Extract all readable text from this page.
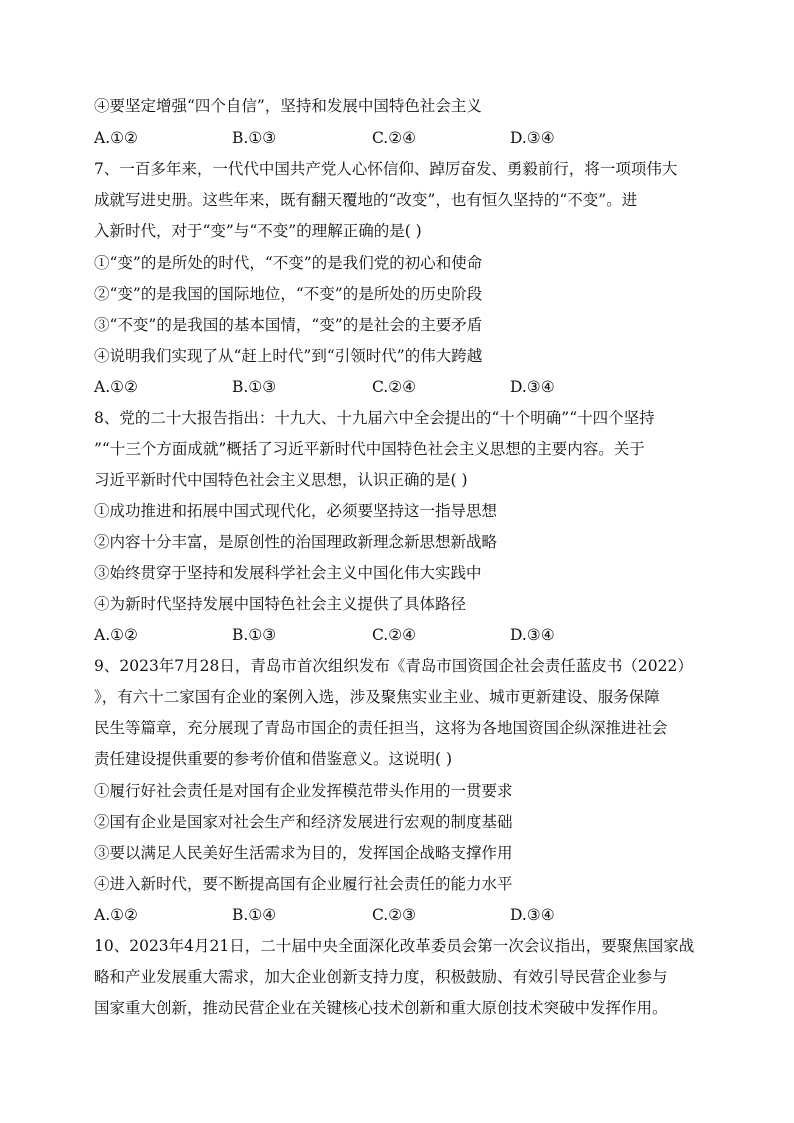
④要坚定增强“四个自信”，坚持和发展中国特色社会主义
A.①②	B.①③	C.②④	D.③④
7、一百多年来，一代代中国共产党人心怀信仰、踔厉奋发、勇毅前行，将一项项伟大
成就写进史册。这些年来，既有翻天覆地的“改变”，也有恒久坚持的“不变”。进
入新时代，对于“变”与“不变”的理解正确的是( )
①“变”的是所处的时代，“不变”的是我们党的初心和使命
②“变”的是我国的国际地位，“不变”的是所处的历史阶段
③“不变”的是我国的基本国情，“变”的是社会的主要矛盾
④说明我们实现了从“赶上时代”到“引领时代”的伟大跨越
A.①②	B.①③	C.②④	D.③④
8、党的二十大报告指出：十九大、十九届六中全会提出的“十个明确”“十四个坚持
”“十三个方面成就”概括了习近平新时代中国特色社会主义思想的主要内容。关于
习近平新时代中国特色社会主义思想，认识正确的是( )
①成功推进和拓展中国式现代化，必须要坚持这一指导思想
②内容十分丰富，是原创性的治国理政新理念新思想新战略
③始终贯穿于坚持和发展科学社会主义中国化伟大实践中
④为新时代坚持发展中国特色社会主义提供了具体路径
A.①②	B.①③	C.②④	D.③④
9、2023年7月28日，青岛市首次组织发布《青岛市国资国企社会责任蓝皮书（2022）
》，有六十二家国有企业的案例入选，涉及聚焦实业主业、城市更新建设、服务保障
民生等篇章，充分展现了青岛市国企的责任担当，这将为各地国资国企纵深推进社会
责任建设提供重要的参考价值和借鉴意义。这说明( )
①履行好社会责任是对国有企业发挥模范带头作用的一贯要求
②国有企业是国家对社会生产和经济发展进行宏观的制度基础
③要以满足人民美好生活需求为目的，发挥国企战略支撑作用
④进入新时代，要不断提高国有企业履行社会责任的能力水平
A.①②	B.①④	C.②③	D.③④
10、2023年4月21日，二十届中央全面深化改革委员会第一次会议指出，要聚焦国家战
略和产业发展重大需求，加大企业创新支持力度，积极鼓励、有效引导民营企业参与
国家重大创新，推动民营企业在关键核心技术创新和重大原创技术突破中发挥作用。
